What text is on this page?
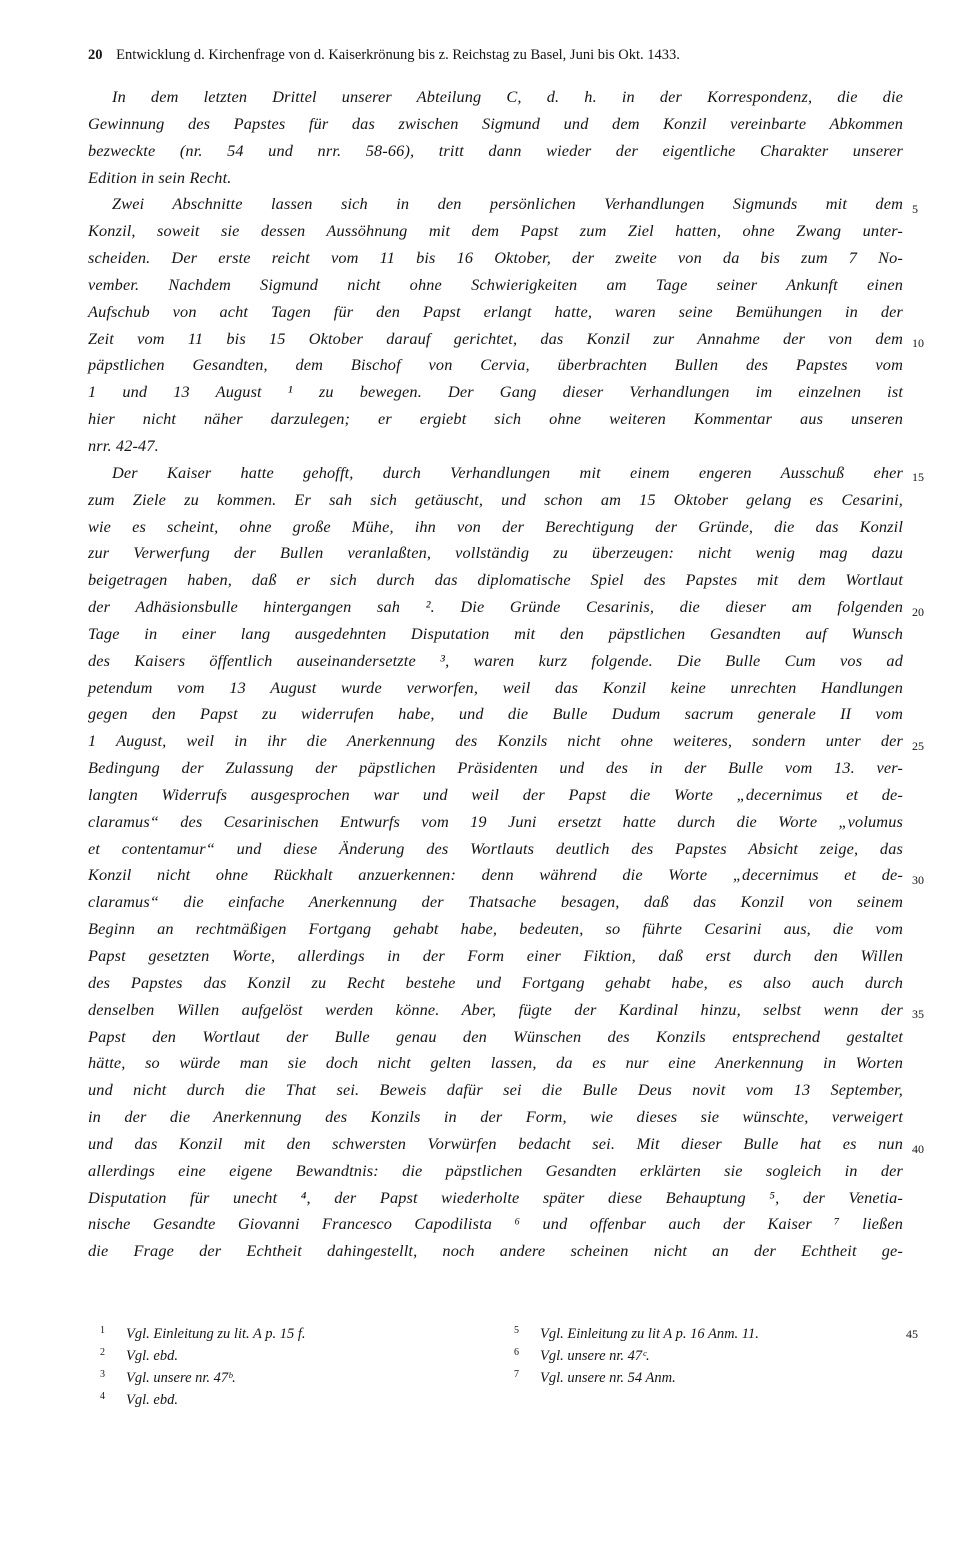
20 Entwicklung d. Kirchenfrage von d. Kaiserkrönung bis z. Reichstag zu Basel, Juni bis Okt. 1433.
In dem letzten Drittel unserer Abteilung C, d. h. in der Korrespondenz, die die
Gewinnung des Papstes für das zwischen Sigmund und dem Konzil vereinbarte Abkommen
bezweckte (nr. 54 und nrr. 58-66), tritt dann wieder der eigentliche Charakter unserer
Edition in sein Recht.
Zwei Abschnitte lassen sich in den persönlichen Verhandlungen Sigmunds mit dem
Konzil, soweit sie dessen Aussöhnung mit dem Papst zum Ziel hatten, ohne Zwang unter-
scheiden. Der erste reicht vom 11 bis 16 Oktober, der zweite von da bis zum 7 No-
vember. Nachdem Sigmund nicht ohne Schwierigkeiten am Tage seiner Ankunft einen
Aufschub von acht Tagen für den Papst erlangt hatte, waren seine Bemühungen in der
Zeit vom 11 bis 15 Oktober darauf gerichtet, das Konzil zur Annahme der von dem
päpstlichen Gesandten, dem Bischof von Cervia, überbrachten Bullen des Papstes vom
1 und 13 August ¹ zu bewegen. Der Gang dieser Verhandlungen im einzelnen ist
hier nicht näher darzulegen; er ergiebt sich ohne weiteren Kommentar aus unseren
nrr. 42-47.
Der Kaiser hatte gehofft, durch Verhandlungen mit einem engeren Ausschuß eher
zum Ziele zu kommen. Er sah sich getäuscht, und schon am 15 Oktober gelang es Cesarini,
wie es scheint, ohne große Mühe, ihn von der Berechtigung der Gründe, die das Konzil
zur Verwerfung der Bullen veranlaßten, vollständig zu überzeugen: nicht wenig mag dazu
beigetragen haben, daß er sich durch das diplomatische Spiel des Papstes mit dem Wortlaut
der Adhäsionsbulle hintergangen sah ². Die Gründe Cesarinis, die dieser am folgenden
Tage in einer lang ausgedehnten Disputation mit den päpstlichen Gesandten auf Wunsch
des Kaisers öffentlich auseinandersetzte ³, waren kurz folgende. Die Bulle Cum vos ad
petendum vom 13 August wurde verworfen, weil das Konzil keine unrechten Handlungen
gegen den Papst zu widerrufen habe, und die Bulle Dudum sacrum generale II vom
1 August, weil in ihr die Anerkennung des Konzils nicht ohne weiteres, sondern unter der
Bedingung der Zulassung der päpstlichen Präsidenten und des in der Bulle vom 13. ver-
langten Widerrufs ausgesprochen war und weil der Papst die Worte „decernimus et de-
claramus“ des Cesarinischen Entwurfs vom 19 Juni ersetzt hatte durch die Worte „volumus
et contentamur“ und diese Änderung des Wortlauts deutlich des Papstes Absicht zeige, das
Konzil nicht ohne Rückhalt anzuerkennen: denn während die Worte „decernimus et de-
claramus“ die einfache Anerkennung der Thatsache besagen, daß das Konzil von seinem
Beginn an rechtmäßigen Fortgang gehabt habe, bedeuten, so führte Cesarini aus, die vom
Papst gesetzten Worte, allerdings in der Form einer Fiktion, daß erst durch den Willen
des Papstes das Konzil zu Recht bestehe und Fortgang gehabt habe, es also auch durch
denselben Willen aufgelöst werden könne. Aber, fügte der Kardinal hinzu, selbst wenn der
Papst den Wortlaut der Bulle genau den Wünschen des Konzils entsprechend gestaltet
hätte, so würde man sie doch nicht gelten lassen, da es nur eine Anerkennung in Worten
und nicht durch die That sei. Beweis dafür sei die Bulle Deus novit vom 13 September,
in der die Anerkennung des Konzils in der Form, wie dieses sie wünschte, verweigert
und das Konzil mit den schwersten Vorwürfen bedacht sei. Mit dieser Bulle hat es nun
allerdings eine eigene Bewandtnis: die päpstlichen Gesandten erklärten sie sogleich in der
Disputation für unecht ⁴, der Papst wiederholte später diese Behauptung ⁵, der Venetia-
nische Gesandte Giovanni Francesco Capodilista ⁶ und offenbar auch der Kaiser ⁷ ließen
die Frage der Echtheit dahingestellt, noch andere scheinen nicht an der Echtheit ge-
5
10
15
20
25
30
35
40
1 Vgl. Einleitung zu lit. A p. 15 f.
2 Vgl. ebd.
3 Vgl. unsere nr. 47ᵇ.
4 Vgl. ebd.
5 Vgl. Einleitung zu lit A p. 16 Anm. 11.
6 Vgl. unsere nr. 47ᶜ.
7 Vgl. unsere nr. 54 Anm.
45
